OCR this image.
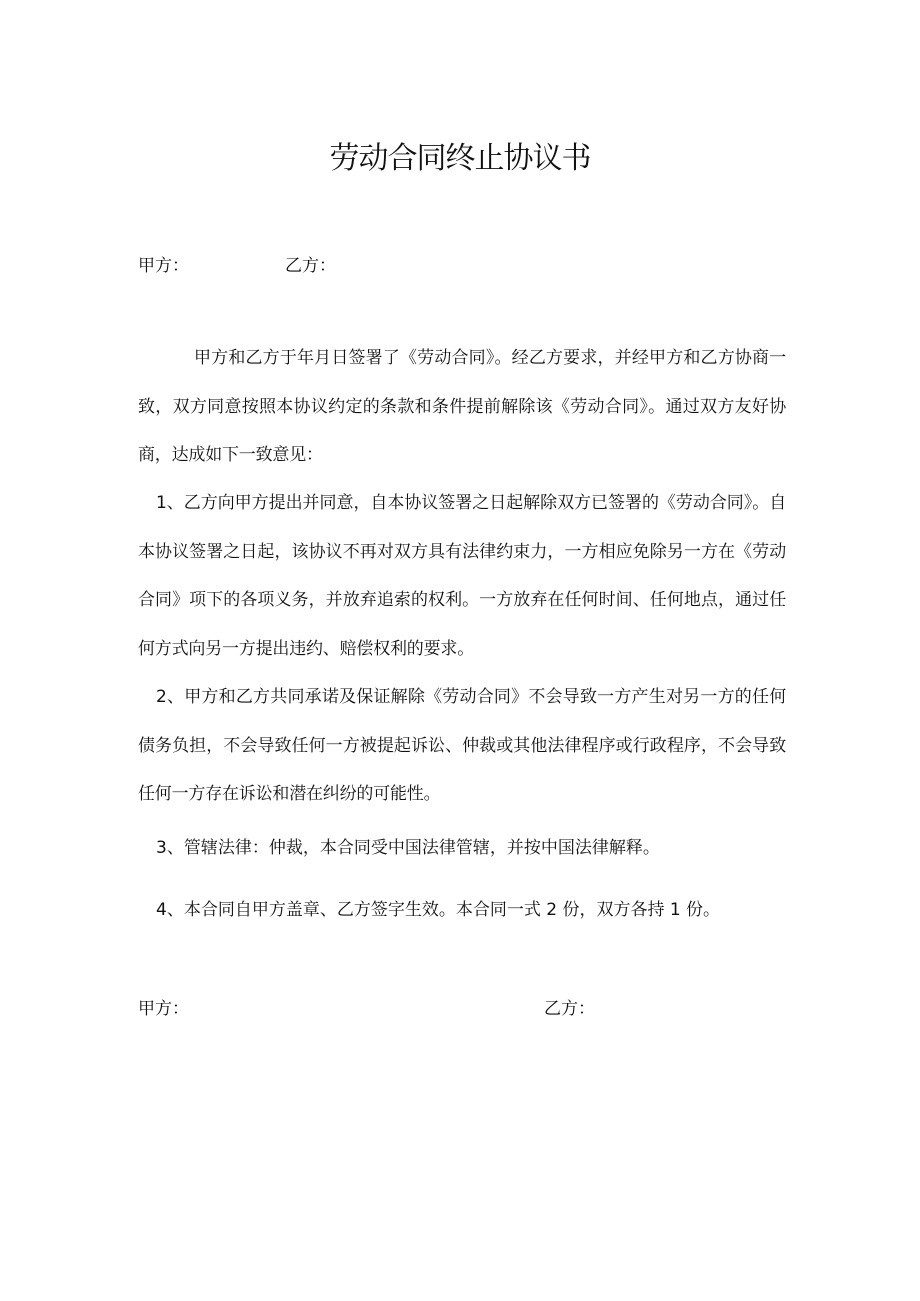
劳动合同终止协议书
甲方：	乙方：

甲方和乙方于年月日签署了《劳动合同》。经乙方要求，并经甲方和乙方协商一致，双方同意按照本协议约定的条款和条件提前解除该《劳动合同》。通过双方友好协商，达成如下一致意见：

1、乙方向甲方提出并同意，自本协议签署之日起解除双方已签署的《劳动合同》。自本协议签署之日起，该协议不再对双方具有法律约束力，一方相应免除另一方在《劳动合同》项下的各项义务，并放弃追索的权利。一方放弃在任何时间、任何地点，通过任何方式向另一方提出违约、赔偿权利的要求。

2、甲方和乙方共同承诺及保证解除《劳动合同》不会导致一方产生对另一方的任何债务负担，不会导致任何一方被提起诉讼、仲裁或其他法律程序或行政程序，不会导致任何一方存在诉讼和潜在纠纷的可能性。

3、管辖法律：仲裁，本合同受中国法律管辖，并按中国法律解释。
4、本合同自甲方盖章、乙方签字生效。本合同一式 2 份，双方各持 1 份。
甲方：	乙方：
